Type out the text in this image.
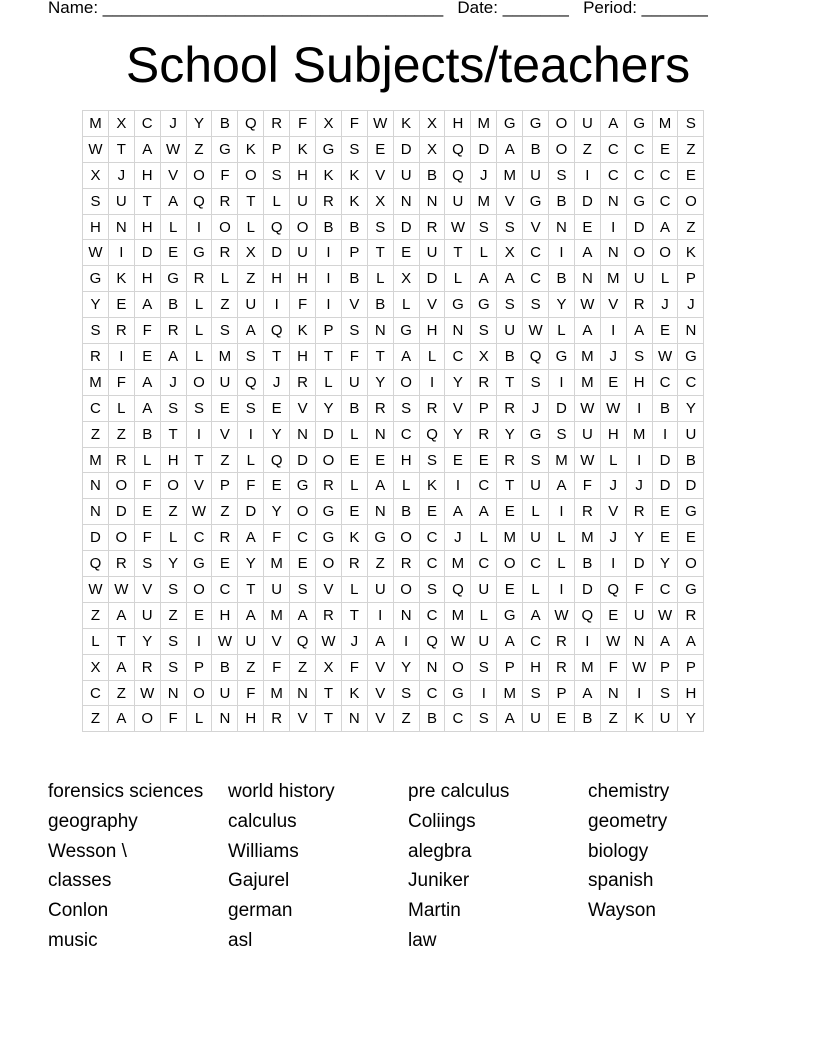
Name: ____________________________________ Date: _______ Period: _______
School Subjects/teachers
M X	C	J	Y	B	Q R	F	X	F W K	X	H M G G O U	A	G M S
W T	A W Z	G	K	P	K	G	S	E	D	X	Q D	A	B	O	Z	C	C	E	Z
X	J	H	V	O	F	O	S	H	K	K	V	U	B	Q	J	M U	S	I	C	C	C	E
S	U	T	A	Q R	T	L	U	R	K	X	N	N	U M V	G	B	D	N G C O
H	N	H	L	I	O	L	Q O	B	B	S	D	R W S	S	V	N	E	I	D	A	Z
W	I	D	E	G R	X	D	U	I	P	T	E	U	T	L	X	C	I	A	N O O	K
G	K	H G R	L	Z	H	H	I	B	L	X	D	L	A	A	C	B	N M U	L	P
Y	E	A	B	L	Z	U	I	F	I	V	B	L	V	G G	S	S	Y W V	R	J	J
S	R	F	R	L	S	A	Q	K	P	S	N G H	N	S	U W L	A	I	A	E	N
R	I	E	A	L	M S	T	H	T	F	T	A	L	C	X	B	Q G M	J	S W G
M	F	A	J	O U Q	J	R	L	U	Y	O	I	Y	R	T	S	I	M E	H	C	C
C	L	A	S	S	E	S	E	V	Y	B	R	S	R	V	P	R	J	D W W	I	B	Y
Z	Z	B	T	I	V	I	Y	N	D	L	N	C Q	Y	R	Y	G	S	U	H M	I	U
M R	L	H	T	Z	L	Q D O	E	E	H	S	E	E	R	S M W L	I	D	B
N O	F	O	V	P	F	E	G R	L	A	L	K	I	C	T	U	A	F	J	J	D	D
N	D	E	Z W Z	D	Y	O G	E	N	B	E	A	A	E	L	I	R	V	R	E	G
D O	F	L	C	R	A	F	C G	K	G O C	J	L	M U	L	M	J	Y	E	E
Q R	S	Y	G	E	Y M E	O R	Z	R	C M C O C	L	B	I	D	Y	O
W W V	S	O C	T	U	S	V	L	U O	S	Q U	E	L	I	D Q	F	C G
Z	A	U	Z	E	H	A M A	R	T	I	N	C M	L	G	A W Q	E	U W R
L	T	Y	S	I	W U	V	Q W	J	A	I	Q W U	A	C	R	I	W N	A	A
X	A	R	S	P	B	Z	F	Z	X	F	V	Y	N O	S	P	H	R M	F W P	P
C	Z W N O U	F	M N	T	K	V	S	C G	I	M S	P	A	N	I	S	H
Z	A	O	F	L	N	H	R	V	T	N	V	Z	B	C	S	A	U	E	B	Z	K	U	Y
forensics sciences	world history	pre calculus	chemistry
geography	calculus	Coliings	geometry
Wesson \	Williams	alegbra	biology
classes	Gajurel	Juniker	spanish
Conlon	german	Martin	Wayson
music	asl	law
